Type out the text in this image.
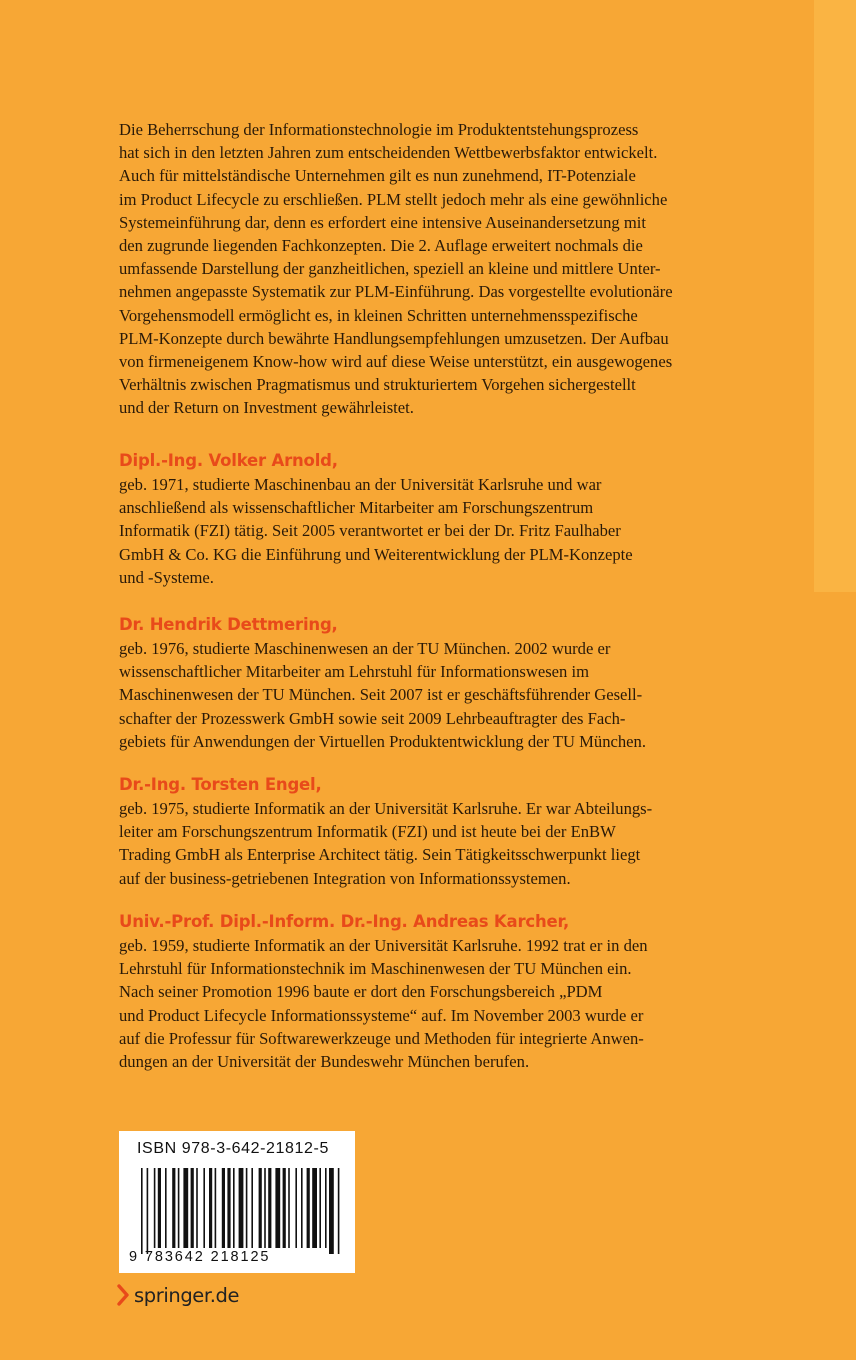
Die Beherrschung der Informationstechnologie im Produktentstehungsprozess
hat sich in den letzten Jahren zum entscheidenden Wettbewerbsfaktor entwickelt.
Auch für mittelständische Unternehmen gilt es nun zunehmend, IT-Potenziale
im Product Lifecycle zu erschließen. PLM stellt jedoch mehr als eine gewöhnliche
Systemeinführung dar, denn es erfordert eine intensive Auseinandersetzung mit
den zugrunde liegenden Fachkonzepten. Die 2. Auflage erweitert nochmals die
umfassende Darstellung der ganzheitlichen, speziell an kleine und mittlere Unter-
nehmen angepasste Systematik zur PLM-Einführung. Das vorgestellte evolutionäre
Vorgehensmodell ermöglicht es, in kleinen Schritten unternehmensspezifische
PLM-Konzepte durch bewährte Handlungsempfehlungen umzusetzen. Der Aufbau
von firmeneigenem Know-how wird auf diese Weise unterstützt, ein ausgewogenes
Verhältnis zwischen Pragmatismus und strukturiertem Vorgehen sichergestellt
und der Return on Investment gewährleistet.
Dipl.-Ing. Volker Arnold,
geb. 1971, studierte Maschinenbau an der Universität Karlsruhe und war
anschließend als wissenschaftlicher Mitarbeiter am Forschungszentrum
Informatik (FZI) tätig. Seit 2005 verantwortet er bei der Dr. Fritz Faulhaber
GmbH & Co. KG die Einführung und Weiterentwicklung der PLM-Konzepte
und -Systeme.
Dr. Hendrik Dettmering,
geb. 1976, studierte Maschinenwesen an der TU München. 2002 wurde er
wissenschaftlicher Mitarbeiter am Lehrstuhl für Informationswesen im
Maschinenwesen der TU München. Seit 2007 ist er geschäftsführender Gesell-
schafter der Prozesswerk GmbH sowie seit 2009 Lehrbeauftragter des Fach-
gebiets für Anwendungen der Virtuellen Produktentwicklung der TU München.
Dr.-Ing. Torsten Engel,
geb. 1975, studierte Informatik an der Universität Karlsruhe. Er war Abteilungs-
leiter am Forschungszentrum Informatik (FZI) und ist heute bei der EnBW
Trading GmbH als Enterprise Architect tätig. Sein Tätigkeitsschwerpunkt liegt
auf der business-getriebenen Integration von Informationssystemen.
Univ.-Prof. Dipl.-Inform. Dr.-Ing. Andreas Karcher,
geb. 1959, studierte Informatik an der Universität Karlsruhe. 1992 trat er in den
Lehrstuhl für Informationstechnik im Maschinenwesen der TU München ein.
Nach seiner Promotion 1996 baute er dort den Forschungsbereich „PDM
und Product Lifecycle Informationssysteme“ auf. Im November 2003 wurde er
auf die Professur für Softwarewerkzeuge und Methoden für integrierte Anwen-
dungen an der Universität der Bundeswehr München berufen.
ISBN 978-3-642-21812-5
9 783642 218125
springer.de
